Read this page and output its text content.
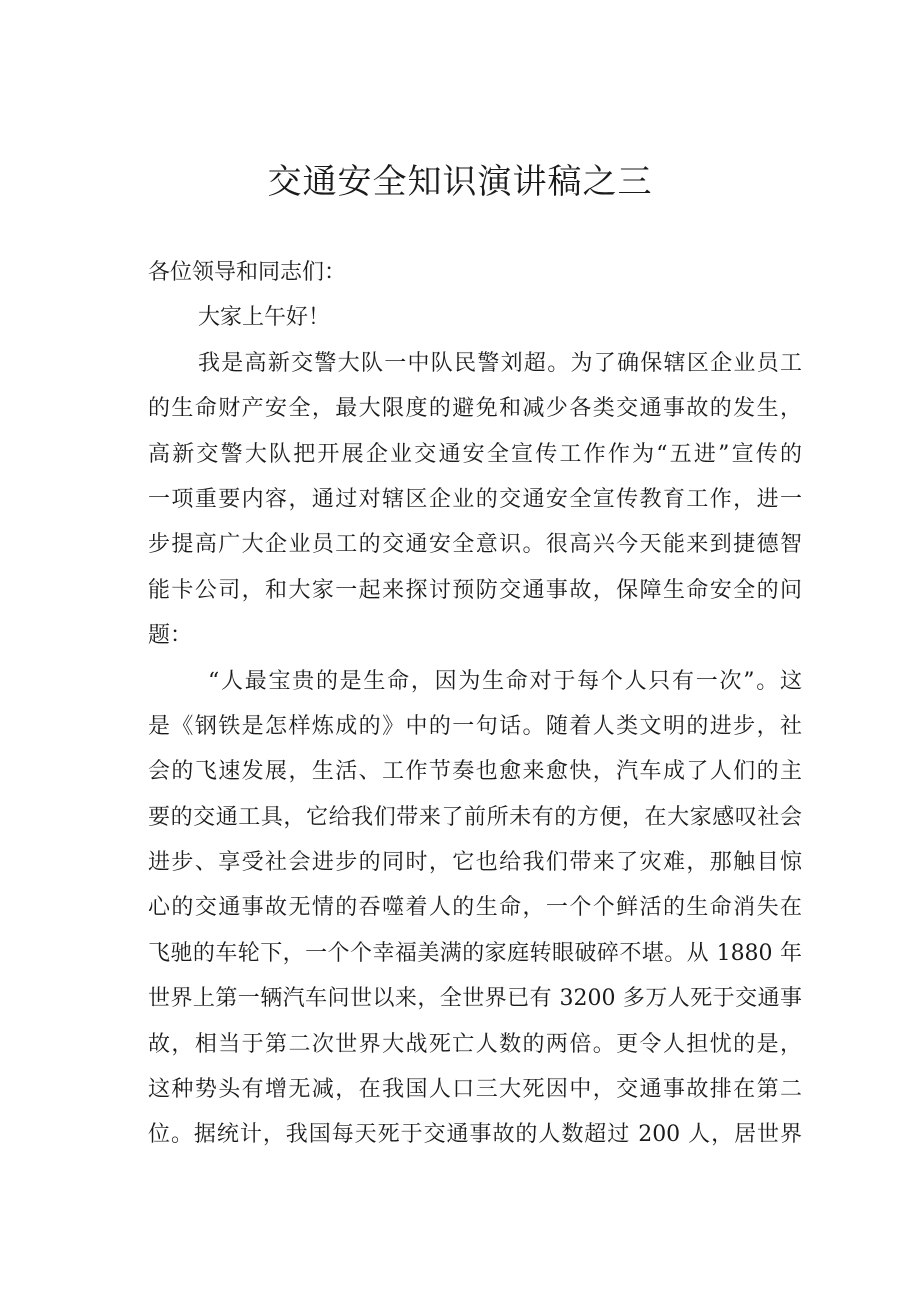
交通安全知识演讲稿之三
各位领导和同志们：
大家上午好！
我是高新交警大队一中队民警刘超。为了确保辖区企业员工
的生命财产安全，最大限度的避免和减少各类交通事故的发生，
高新交警大队把开展企业交通安全宣传工作作为“五进”宣传的
一项重要内容，通过对辖区企业的交通安全宣传教育工作，进一
步提高广大企业员工的交通安全意识。很高兴今天能来到捷德智
能卡公司，和大家一起来探讨预防交通事故，保障生命安全的问
题：
“人最宝贵的是生命，因为生命对于每个人只有一次”。这
是《钢铁是怎样炼成的》中的一句话。随着人类文明的进步，社
会的飞速发展，生活、工作节奏也愈来愈快，汽车成了人们的主
要的交通工具，它给我们带来了前所未有的方便，在大家感叹社会
进步、享受社会进步的同时，它也给我们带来了灾难，那触目惊
心的交通事故无情的吞噬着人的生命，一个个鲜活的生命消失在
飞驰的车轮下，一个个幸福美满的家庭转眼破碎不堪。从 1880 年
世界上第一辆汽车问世以来，全世界已有 3200 多万人死于交通事
故，相当于第二次世界大战死亡人数的两倍。更令人担忧的是，
这种势头有增无减，在我国人口三大死因中，交通事故排在第二
位。据统计，我国每天死于交通事故的人数超过 200 人，居世界
